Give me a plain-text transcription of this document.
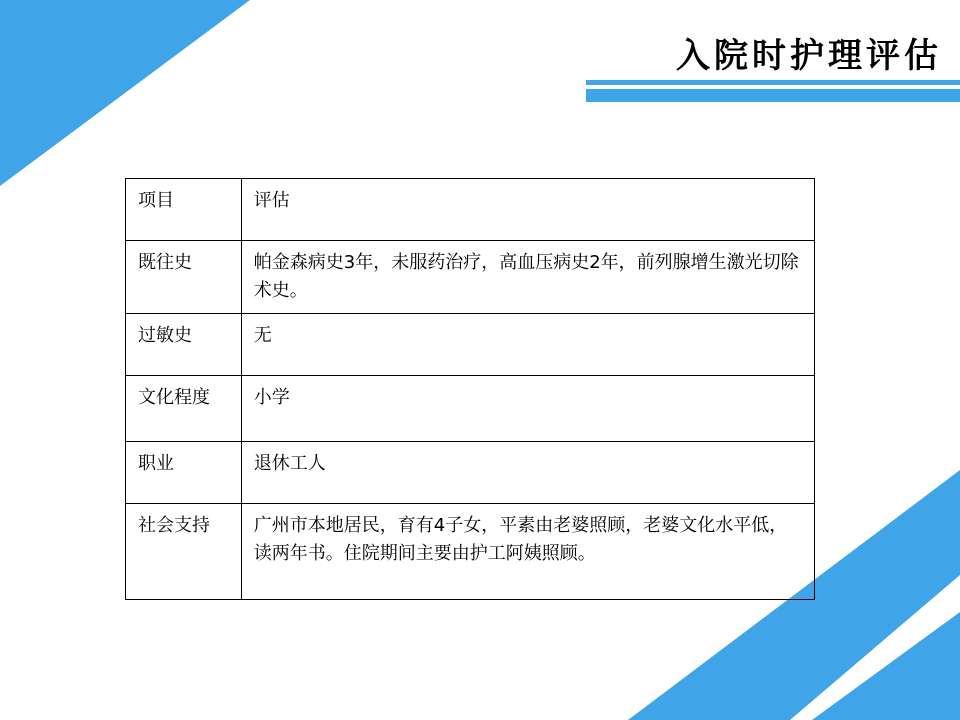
入院时护理评估
项目	评估
既往史	帕金森病史3年，未服药治疗，高血压病史2年，前列腺增生激光切除术史。
过敏史	无
文化程度	小学
职业	退休工人
社会支持	广州市本地居民，育有4子女，平素由老婆照顾，老婆文化水平低，读两年书。住院期间主要由护工阿姨照顾。
